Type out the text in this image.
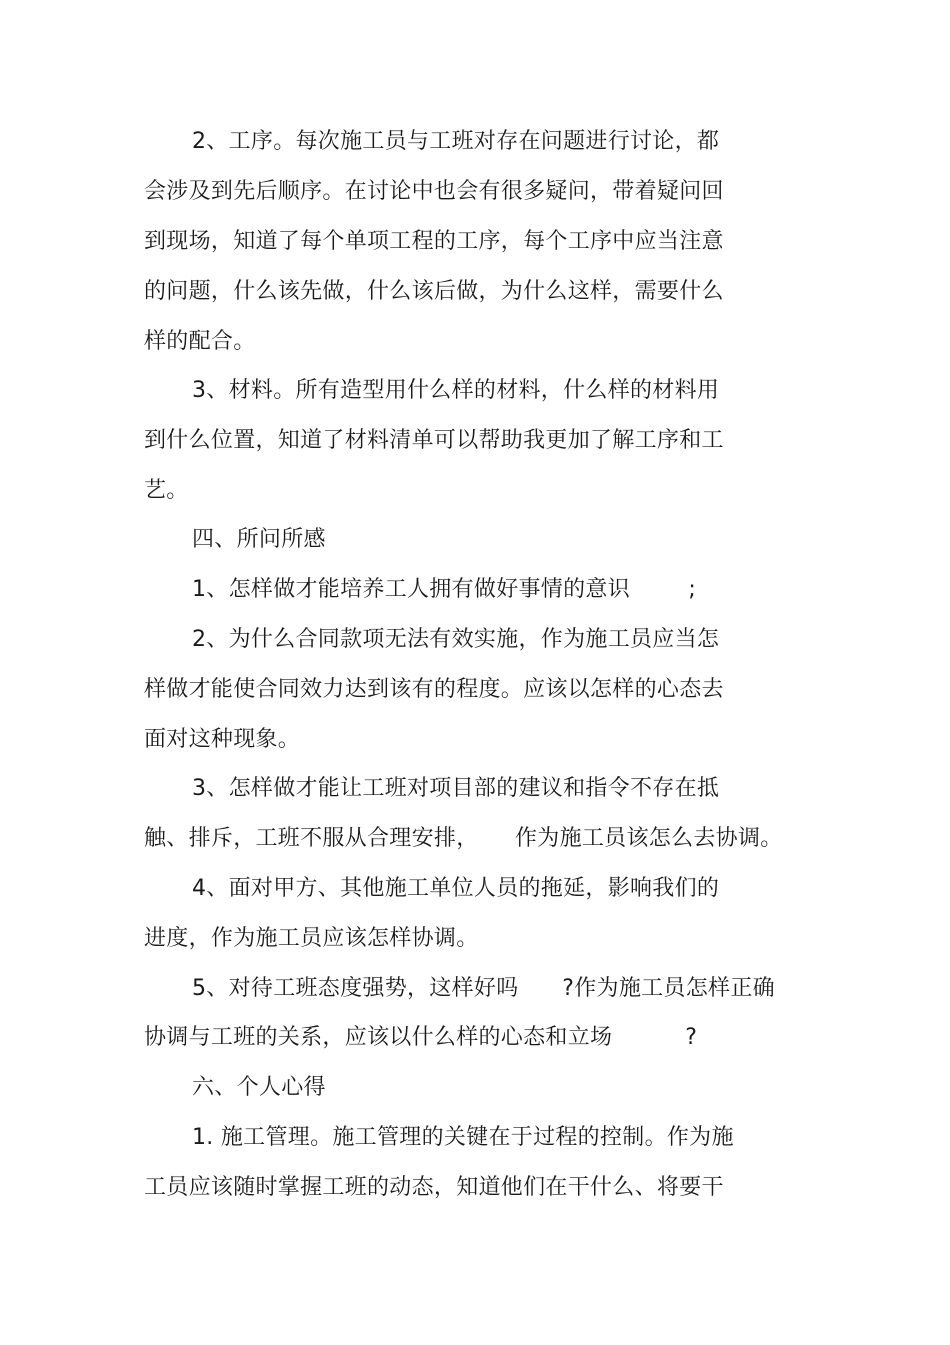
2、工序。每次施工员与工班对存在问题进行讨论，都
会涉及到先后顺序。在讨论中也会有很多疑问，带着疑问回
到现场，知道了每个单项工程的工序，每个工序中应当注意
的问题，什么该先做，什么该后做，为什么这样，需要什么
样的配合。
3、材料。所有造型用什么样的材料，什么样的材料用
到什么位置，知道了材料清单可以帮助我更加了解工序和工
艺。
四、所问所感
1、怎样做才能培养工人拥有做好事情的意识        ;
2、为什么合同款项无法有效实施，作为施工员应当怎
样做才能使合同效力达到该有的程度。应该以怎样的心态去
面对这种现象。
3、怎样做才能让工班对项目部的建议和指令不存在抵
触、排斥，工班不服从合理安排，     作为施工员该怎么去协调。
4、面对甲方、其他施工单位人员的拖延，影响我们的
进度，作为施工员应该怎样协调。
5、对待工班态度强势，这样好吗      ?作为施工员怎样正确
协调与工班的关系，应该以什么样的心态和立场          ?
六、个人心得
1. 施工管理。施工管理的关键在于过程的控制。作为施
工员应该随时掌握工班的动态，知道他们在干什么、将要干
